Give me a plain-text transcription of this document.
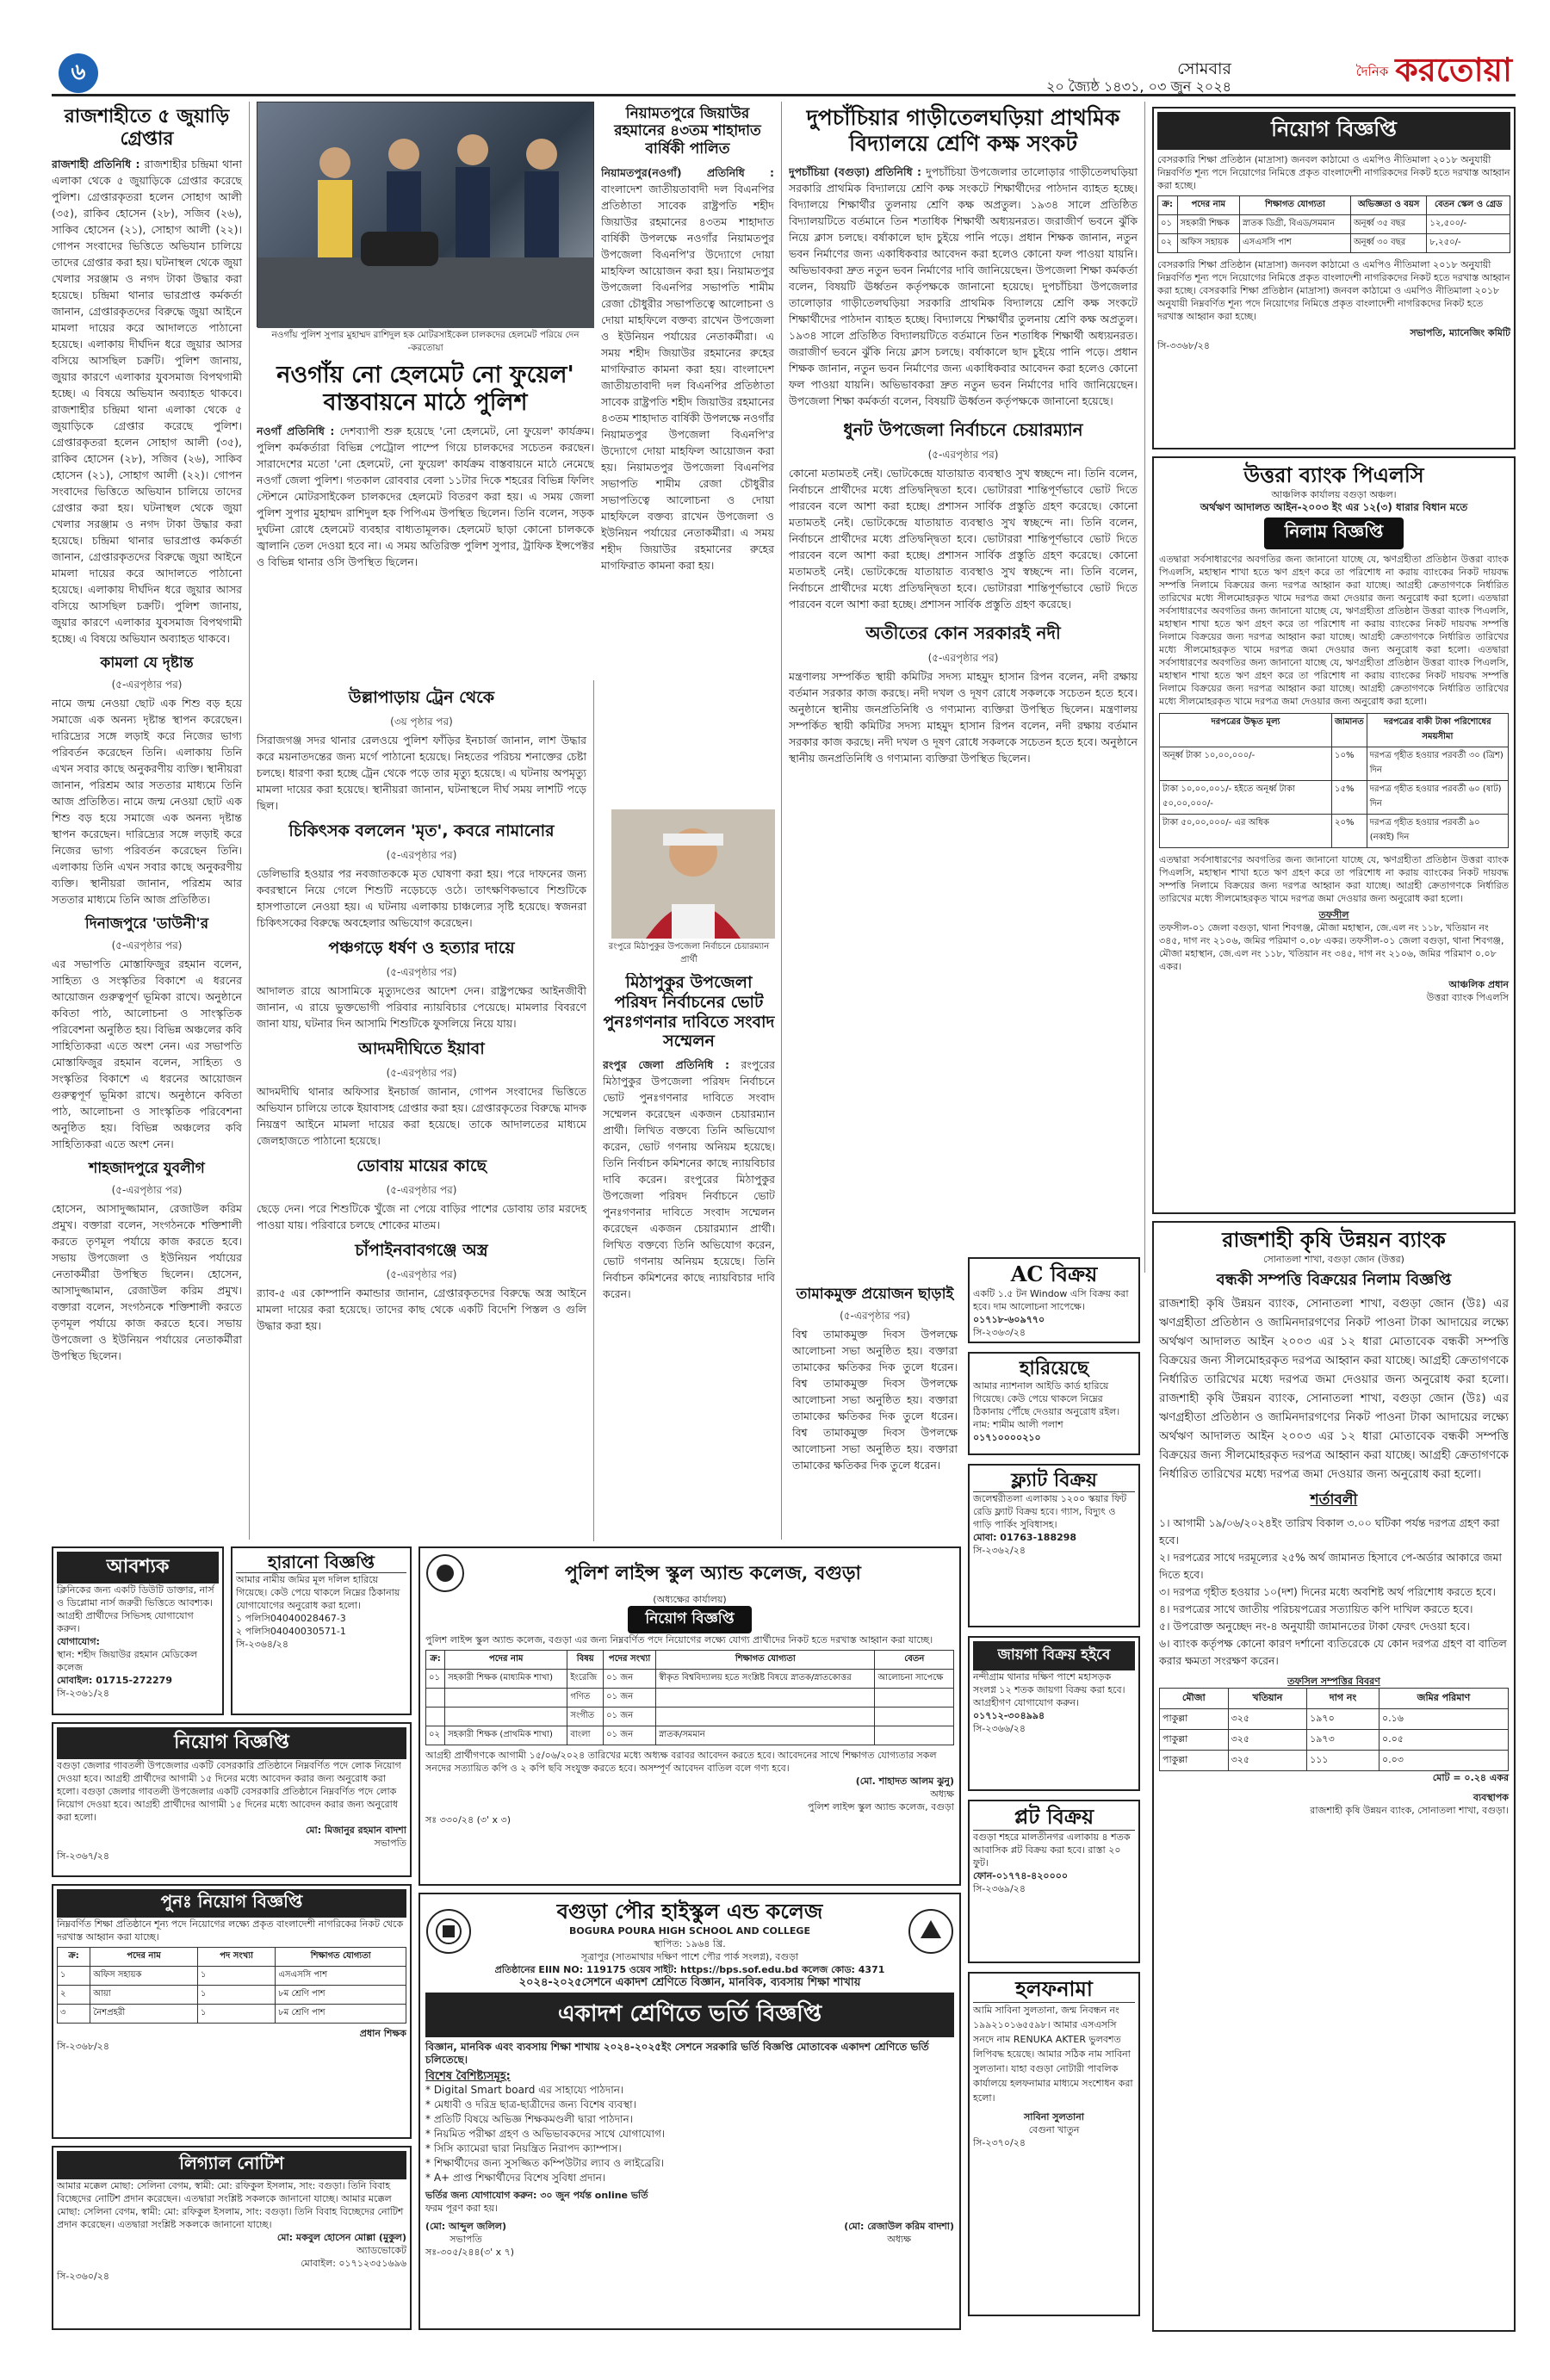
৬	সোমবার
২০ জ্যৈষ্ঠ ১৪৩১, ০৩ জুন ২০২৪
দৈনিক করতোয়া
রাজশাহীতে ৫ জুয়াড়ি গ্রেপ্তার
রাজশাহী প্রতিনিধি : রাজশাহীর চন্দ্রিমা থানা এলাকা থেকে ৫ জুয়াড়িকে গ্রেপ্তার করেছে পুলিশ। গ্রেপ্তারকৃতরা হলেন সোহাগ আলী (৩৫), রাকিব হোসেন (২৮), সজিব (২৬), সাকিব হোসেন (২১), সোহাগ আলী (২২)। গোপন সংবাদের ভিত্তিতে অভিযান চালিয়ে তাদের গ্রেপ্তার করা হয়। ঘটনাস্থল থেকে জুয়া খেলার সরঞ্জাম ও নগদ টাকা উদ্ধার করা হয়েছে। চন্দ্রিমা থানার ভারপ্রাপ্ত কর্মকর্তা জানান, গ্রেপ্তারকৃতদের বিরুদ্ধে জুয়া আইনে মামলা দায়ের করে আদালতে পাঠানো হয়েছে। এলাকায় দীর্ঘদিন ধরে জুয়ার আসর বসিয়ে আসছিল চক্রটি। পুলিশ জানায়, জুয়ার কারণে এলাকার যুবসমাজ বিপথগামী হচ্ছে। এ বিষয়ে অভিযান অব্যাহত থাকবে। রাজশাহীর চন্দ্রিমা থানা এলাকা থেকে ৫ জুয়াড়িকে গ্রেপ্তার করেছে পুলিশ। গ্রেপ্তারকৃতরা হলেন সোহাগ আলী (৩৫), রাকিব হোসেন (২৮), সজিব (২৬), সাকিব হোসেন (২১), সোহাগ আলী (২২)। গোপন সংবাদের ভিত্তিতে অভিযান চালিয়ে তাদের গ্রেপ্তার করা হয়। ঘটনাস্থল থেকে জুয়া খেলার সরঞ্জাম ও নগদ টাকা উদ্ধার করা হয়েছে। চন্দ্রিমা থানার ভারপ্রাপ্ত কর্মকর্তা জানান, গ্রেপ্তারকৃতদের বিরুদ্ধে জুয়া আইনে মামলা দায়ের করে আদালতে পাঠানো হয়েছে। এলাকায় দীর্ঘদিন ধরে জুয়ার আসর বসিয়ে আসছিল চক্রটি। পুলিশ জানায়, জুয়ার কারণে এলাকার যুবসমাজ বিপথগামী হচ্ছে। এ বিষয়ে অভিযান অব্যাহত থাকবে।
কামলা যে দৃষ্টান্ত
(৫-এরপৃষ্ঠার পর)
নামে জন্ম নেওয়া ছোট এক শিশু বড় হয়ে সমাজে এক অনন্য দৃষ্টান্ত স্থাপন করেছেন। দারিদ্র্যের সঙ্গে লড়াই করে নিজের ভাগ্য পরিবর্তন করেছেন তিনি। এলাকায় তিনি এখন সবার কাছে অনুকরণীয় ব্যক্তি। স্থানীয়রা জানান, পরিশ্রম আর সততার মাধ্যমে তিনি আজ প্রতিষ্ঠিত। নামে জন্ম নেওয়া ছোট এক শিশু বড় হয়ে সমাজে এক অনন্য দৃষ্টান্ত স্থাপন করেছেন। দারিদ্র্যের সঙ্গে লড়াই করে নিজের ভাগ্য পরিবর্তন করেছেন তিনি। এলাকায় তিনি এখন সবার কাছে অনুকরণীয় ব্যক্তি। স্থানীয়রা জানান, পরিশ্রম আর সততার মাধ্যমে তিনি আজ প্রতিষ্ঠিত।
দিনাজপুরে 'ডাউনী'র
(৫-এরপৃষ্ঠার পর)
এর সভাপতি মোস্তাফিজুর রহমান বলেন, সাহিত্য ও সংস্কৃতির বিকাশে এ ধরনের আয়োজন গুরুত্বপূর্ণ ভূমিকা রাখে। অনুষ্ঠানে কবিতা পাঠ, আলোচনা ও সাংস্কৃতিক পরিবেশনা অনুষ্ঠিত হয়। বিভিন্ন অঞ্চলের কবি সাহিত্যিকরা এতে অংশ নেন। এর সভাপতি মোস্তাফিজুর রহমান বলেন, সাহিত্য ও সংস্কৃতির বিকাশে এ ধরনের আয়োজন গুরুত্বপূর্ণ ভূমিকা রাখে। অনুষ্ঠানে কবিতা পাঠ, আলোচনা ও সাংস্কৃতিক পরিবেশনা অনুষ্ঠিত হয়। বিভিন্ন অঞ্চলের কবি সাহিত্যিকরা এতে অংশ নেন।
শাহজাদপুরে যুবলীগ
(৫-এরপৃষ্ঠার পর)
হোসেন, আসাদুজ্জামান, রেজাউল করিম প্রমুখ। বক্তারা বলেন, সংগঠনকে শক্তিশালী করতে তৃণমূল পর্যায়ে কাজ করতে হবে। সভায় উপজেলা ও ইউনিয়ন পর্যায়ের নেতাকর্মীরা উপস্থিত ছিলেন। হোসেন, আসাদুজ্জামান, রেজাউল করিম প্রমুখ। বক্তারা বলেন, সংগঠনকে শক্তিশালী করতে তৃণমূল পর্যায়ে কাজ করতে হবে। সভায় উপজেলা ও ইউনিয়ন পর্যায়ের নেতাকর্মীরা উপস্থিত ছিলেন।
নওগাঁয় পুলিশ সুপার মুহাম্মদ রাশিদুল হক মোটরসাইকেল চালকদের হেলমেট পরিয়ে দেন -করতোয়া
নওগাঁয় নো হেলমেট নো ফুয়েল' বাস্তবায়নে মাঠে পুলিশ
নওগাঁ প্রতিনিধি : দেশব্যাপী শুরু হয়েছে 'নো হেলমেট, নো ফুয়েল' কার্যক্রম। পুলিশ কর্মকর্তারা বিভিন্ন পেট্রোল পাম্পে গিয়ে চালকদের সচেতন করছেন। সারাদেশের মতো 'নো হেলমেট, নো ফুয়েল' কার্যক্রম বাস্তবায়নে মাঠে নেমেছে নওগাঁ জেলা পুলিশ। গতকাল রোববার বেলা ১১টার দিকে শহরের বিভিন্ন ফিলিং স্টেশনে মোটরসাইকেল চালকদের হেলমেট বিতরণ করা হয়। এ সময় জেলা পুলিশ সুপার মুহাম্মদ রাশিদুল হক পিপিএম উপস্থিত ছিলেন। তিনি বলেন, সড়ক দুর্ঘটনা রোধে হেলমেট ব্যবহার বাধ্যতামূলক। হেলমেট ছাড়া কোনো চালককে জ্বালানি তেল দেওয়া হবে না। এ সময় অতিরিক্ত পুলিশ সুপার, ট্রাফিক ইন্সপেক্টর ও বিভিন্ন থানার ওসি উপস্থিত ছিলেন।
উল্লাপাড়ায় ট্রেন থেকে
(৩য় পৃষ্ঠার পর)
সিরাজগঞ্জ সদর থানার রেলওয়ে পুলিশ ফাঁড়ির ইনচার্জ জানান, লাশ উদ্ধার করে ময়নাতদন্তের জন্য মর্গে পাঠানো হয়েছে। নিহতের পরিচয় শনাক্তের চেষ্টা চলছে। ধারণা করা হচ্ছে ট্রেন থেকে পড়ে তার মৃত্যু হয়েছে। এ ঘটনায় অপমৃত্যু মামলা দায়ের করা হয়েছে। স্থানীয়রা জানান, ঘটনাস্থলে দীর্ঘ সময় লাশটি পড়ে ছিল।
চিকিৎসক বললেন 'মৃত', কবরে নামানোর
(৫-এরপৃষ্ঠার পর)
ডেলিভারি হওয়ার পর নবজাতককে মৃত ঘোষণা করা হয়। পরে দাফনের জন্য কবরস্থানে নিয়ে গেলে শিশুটি নড়েচড়ে ওঠে। তাৎক্ষণিকভাবে শিশুটিকে হাসপাতালে নেওয়া হয়। এ ঘটনায় এলাকায় চাঞ্চল্যের সৃষ্টি হয়েছে। স্বজনরা চিকিৎসকের বিরুদ্ধে অবহেলার অভিযোগ করেছেন।
পঞ্চগড়ে ধর্ষণ ও হত্যার দায়ে
(৫-এরপৃষ্ঠার পর)
আদালত রায়ে আসামিকে মৃত্যুদণ্ডের আদেশ দেন। রাষ্ট্রপক্ষের আইনজীবী জানান, এ রায়ে ভুক্তভোগী পরিবার ন্যায়বিচার পেয়েছে। মামলার বিবরণে জানা যায়, ঘটনার দিন আসামি শিশুটিকে ফুসলিয়ে নিয়ে যায়।
আদমদীঘিতে ইয়াবা
(৫-এরপৃষ্ঠার পর)
আদমদীঘি থানার অফিসার ইনচার্জ জানান, গোপন সংবাদের ভিত্তিতে অভিযান চালিয়ে তাকে ইয়াবাসহ গ্রেপ্তার করা হয়। গ্রেপ্তারকৃতের বিরুদ্ধে মাদক নিয়ন্ত্রণ আইনে মামলা দায়ের করা হয়েছে। তাকে আদালতের মাধ্যমে জেলহাজতে পাঠানো হয়েছে।
ডোবায় মায়ের কাছে
(৫-এরপৃষ্ঠার পর)
ছেড়ে দেন। পরে শিশুটিকে খুঁজে না পেয়ে বাড়ির পাশের ডোবায় তার মরদেহ পাওয়া যায়। পরিবারে চলছে শোকের মাতম।
চাঁপাইনবাবগঞ্জে অস্ত্র
(৫-এরপৃষ্ঠার পর)
র‍্যাব-৫ এর কোম্পানি কমান্ডার জানান, গ্রেপ্তারকৃতদের বিরুদ্ধে অস্ত্র আইনে মামলা দায়ের করা হয়েছে। তাদের কাছ থেকে একটি বিদেশি পিস্তল ও গুলি উদ্ধার করা হয়।
নিয়ামতপুরে জিয়াউর রহমানের ৪৩তম শাহাদাত বার্ষিকী পালিত
নিয়ামতপুর(নওগাঁ) প্রতিনিধি : বাংলাদেশ জাতীয়তাবাদী দল বিএনপির প্রতিষ্ঠাতা সাবেক রাষ্ট্রপতি শহীদ জিয়াউর রহমানের ৪৩তম শাহাদাত বার্ষিকী উপলক্ষে নওগাঁর নিয়ামতপুর উপজেলা বিএনপি'র উদ্যোগে দোয়া মাহফিল আয়োজন করা হয়। নিয়ামতপুর উপজেলা বিএনপির সভাপতি শামীম রেজা চৌধুরীর সভাপতিত্বে আলোচনা ও দোয়া মাহফিলে বক্তব্য রাখেন উপজেলা ও ইউনিয়ন পর্যায়ের নেতাকর্মীরা। এ সময় শহীদ জিয়াউর রহমানের রুহের মাগফিরাত কামনা করা হয়। বাংলাদেশ জাতীয়তাবাদী দল বিএনপির প্রতিষ্ঠাতা সাবেক রাষ্ট্রপতি শহীদ জিয়াউর রহমানের ৪৩তম শাহাদাত বার্ষিকী উপলক্ষে নওগাঁর নিয়ামতপুর উপজেলা বিএনপি'র উদ্যোগে দোয়া মাহফিল আয়োজন করা হয়। নিয়ামতপুর উপজেলা বিএনপির সভাপতি শামীম রেজা চৌধুরীর সভাপতিত্বে আলোচনা ও দোয়া মাহফিলে বক্তব্য রাখেন উপজেলা ও ইউনিয়ন পর্যায়ের নেতাকর্মীরা। এ সময় শহীদ জিয়াউর রহমানের রুহের মাগফিরাত কামনা করা হয়।
রংপুরে মিঠাপুকুর উপজেলা নির্বাচনে চেয়ারম্যান প্রার্থী
মিঠাপুকুর উপজেলা পরিষদ নির্বাচনের ভোট পুনঃগণনার দাবিতে সংবাদ সম্মেলন
রংপুর জেলা প্রতিনিধি : রংপুরের মিঠাপুকুর উপজেলা পরিষদ নির্বাচনে ভোট পুনঃগণনার দাবিতে সংবাদ সম্মেলন করেছেন একজন চেয়ারম্যান প্রার্থী। লিখিত বক্তব্যে তিনি অভিযোগ করেন, ভোট গণনায় অনিয়ম হয়েছে। তিনি নির্বাচন কমিশনের কাছে ন্যায়বিচার দাবি করেন। রংপুরের মিঠাপুকুর উপজেলা পরিষদ নির্বাচনে ভোট পুনঃগণনার দাবিতে সংবাদ সম্মেলন করেছেন একজন চেয়ারম্যান প্রার্থী। লিখিত বক্তব্যে তিনি অভিযোগ করেন, ভোট গণনায় অনিয়ম হয়েছে। তিনি নির্বাচন কমিশনের কাছে ন্যায়বিচার দাবি করেন।
দুপচাঁচিয়ার গাড়ীতেলঘড়িয়া প্রাথমিক বিদ্যালয়ে শ্রেণি কক্ষ সংকট
দুপচাঁচিয়া (বগুড়া) প্রতিনিধি : দুপচাঁচিয়া উপজেলার তালোড়ার গাড়ীতেলঘড়িয়া সরকারি প্রাথমিক বিদ্যালয়ে শ্রেণি কক্ষ সংকটে শিক্ষার্থীদের পাঠদান ব্যাহত হচ্ছে। বিদ্যালয়ে শিক্ষার্থীর তুলনায় শ্রেণি কক্ষ অপ্রতুল। ১৯৩৪ সালে প্রতিষ্ঠিত বিদ্যালয়টিতে বর্তমানে তিন শতাধিক শিক্ষার্থী অধ্যয়নরত। জরাজীর্ণ ভবনে ঝুঁকি নিয়ে ক্লাস চলছে। বর্ষাকালে ছাদ চুইয়ে পানি পড়ে। প্রধান শিক্ষক জানান, নতুন ভবন নির্মাণের জন্য একাধিকবার আবেদন করা হলেও কোনো ফল পাওয়া যায়নি। অভিভাবকরা দ্রুত নতুন ভবন নির্মাণের দাবি জানিয়েছেন। উপজেলা শিক্ষা কর্মকর্তা বলেন, বিষয়টি ঊর্ধ্বতন কর্তৃপক্ষকে জানানো হয়েছে। দুপচাঁচিয়া উপজেলার তালোড়ার গাড়ীতেলঘড়িয়া সরকারি প্রাথমিক বিদ্যালয়ে শ্রেণি কক্ষ সংকটে শিক্ষার্থীদের পাঠদান ব্যাহত হচ্ছে। বিদ্যালয়ে শিক্ষার্থীর তুলনায় শ্রেণি কক্ষ অপ্রতুল। ১৯৩৪ সালে প্রতিষ্ঠিত বিদ্যালয়টিতে বর্তমানে তিন শতাধিক শিক্ষার্থী অধ্যয়নরত। জরাজীর্ণ ভবনে ঝুঁকি নিয়ে ক্লাস চলছে। বর্ষাকালে ছাদ চুইয়ে পানি পড়ে। প্রধান শিক্ষক জানান, নতুন ভবন নির্মাণের জন্য একাধিকবার আবেদন করা হলেও কোনো ফল পাওয়া যায়নি। অভিভাবকরা দ্রুত নতুন ভবন নির্মাণের দাবি জানিয়েছেন। উপজেলা শিক্ষা কর্মকর্তা বলেন, বিষয়টি ঊর্ধ্বতন কর্তৃপক্ষকে জানানো হয়েছে।
ধুনট উপজেলা নির্বাচনে চেয়ারম্যান
(৫-এরপৃষ্ঠার পর)
কোনো মতামতই নেই। ভোটকেন্দ্রে যাতায়াত ব্যবস্থাও সুখ স্বচ্ছন্দে না। তিনি বলেন, নির্বাচনে প্রার্থীদের মধ্যে প্রতিদ্বন্দ্বিতা হবে। ভোটাররা শান্তিপূর্ণভাবে ভোট দিতে পারবেন বলে আশা করা হচ্ছে। প্রশাসন সার্বিক প্রস্তুতি গ্রহণ করেছে। কোনো মতামতই নেই। ভোটকেন্দ্রে যাতায়াত ব্যবস্থাও সুখ স্বচ্ছন্দে না। তিনি বলেন, নির্বাচনে প্রার্থীদের মধ্যে প্রতিদ্বন্দ্বিতা হবে। ভোটাররা শান্তিপূর্ণভাবে ভোট দিতে পারবেন বলে আশা করা হচ্ছে। প্রশাসন সার্বিক প্রস্তুতি গ্রহণ করেছে। কোনো মতামতই নেই। ভোটকেন্দ্রে যাতায়াত ব্যবস্থাও সুখ স্বচ্ছন্দে না। তিনি বলেন, নির্বাচনে প্রার্থীদের মধ্যে প্রতিদ্বন্দ্বিতা হবে। ভোটাররা শান্তিপূর্ণভাবে ভোট দিতে পারবেন বলে আশা করা হচ্ছে। প্রশাসন সার্বিক প্রস্তুতি গ্রহণ করেছে।
অতীতের কোন সরকারই নদী
(৫-এরপৃষ্ঠার পর)
মন্ত্রণালয় সম্পর্কিত স্থায়ী কমিটির সদস্য মাহমুদ হাসান রিপন বলেন, নদী রক্ষায় বর্তমান সরকার কাজ করছে। নদী দখল ও দূষণ রোধে সকলকে সচেতন হতে হবে। অনুষ্ঠানে স্থানীয় জনপ্রতিনিধি ও গণ্যমান্য ব্যক্তিরা উপস্থিত ছিলেন। মন্ত্রণালয় সম্পর্কিত স্থায়ী কমিটির সদস্য মাহমুদ হাসান রিপন বলেন, নদী রক্ষায় বর্তমান সরকার কাজ করছে। নদী দখল ও দূষণ রোধে সকলকে সচেতন হতে হবে। অনুষ্ঠানে স্থানীয় জনপ্রতিনিধি ও গণ্যমান্য ব্যক্তিরা উপস্থিত ছিলেন।
তামাকমুক্ত প্রয়োজন ছাড়াই
(৫-এরপৃষ্ঠার পর)
বিশ্ব তামাকমুক্ত দিবস উপলক্ষে আলোচনা সভা অনুষ্ঠিত হয়। বক্তারা তামাকের ক্ষতিকর দিক তুলে ধরেন। বিশ্ব তামাকমুক্ত দিবস উপলক্ষে আলোচনা সভা অনুষ্ঠিত হয়। বক্তারা তামাকের ক্ষতিকর দিক তুলে ধরেন। বিশ্ব তামাকমুক্ত দিবস উপলক্ষে আলোচনা সভা অনুষ্ঠিত হয়। বক্তারা তামাকের ক্ষতিকর দিক তুলে ধরেন।
AC বিক্রয়
একটি ১.৫ টন Window এসি বিক্রয় করা হবে। দাম আলোচনা সাপেক্ষে।
০১৭১৮-৬০৯৭৭০
সি-২৩৬৩/২৪
হারিয়েছে
আমার ন্যাশনাল আইডি কার্ড হারিয়ে গিয়েছে। কেউ পেয়ে থাকলে নিম্নের ঠিকানায় পৌঁছে দেওয়ার অনুরোধ রইল।
নাম: শামীম আলী পলাশ
০১৭১০০০০২১০
ফ্ল্যাট বিক্রয়
জলেশ্বরীতলা এলাকায় ১২০০ স্কয়ার ফিট রেডি ফ্ল্যাট বিক্রয় হবে। গ্যাস, বিদ্যুৎ ও গাড়ি পার্কিং সুবিধাসহ।
মোবা: 01763-188298
সি-২৩৬২/২৪
জায়গা বিক্রয় হইবে
নন্দীগ্রাম থানার দক্ষিণ পাশে মহাসড়ক সংলগ্ন ১২ শতক জায়গা বিক্রয় করা হবে। আগ্রহীগণ যোগাযোগ করুন।
০১৭১২-৩০৪৯৯৪
সি-২৩৬৬/২৪
প্লট বিক্রয়
বগুড়া শহরে মালতীনগর এলাকায় ৪ শতক আবাসিক প্লট বিক্রয় করা হবে। রাস্তা ২০ ফুট।
ফোন-০১৭৭৪-৪২০০০০
সি-২৩৬৯/২৪
হলফনামা
আমি সাবিনা সুলতানা, জন্ম নিবন্ধন নং ১৯৯২১০১৬৫৫৯৮। আমার এসএসসি সনদে নাম RENUKA AKTER ভুলবশত লিপিবদ্ধ হয়েছে। আমার সঠিক নাম সাবিনা সুলতানা। যাহা বগুড়া নোটারী পাবলিক কার্যালয়ে হলফনামার মাধ্যমে সংশোধন করা হলো।
সাবিনা সুলতানা
বেগুনা খাতুন
সি-২৩৭০/২৪
নিয়োগ বিজ্ঞপ্তি
বেসরকারি শিক্ষা প্রতিষ্ঠান (মাদ্রাসা) জনবল কাঠামো ও এমপিও নীতিমালা ২০১৮ অনুযায়ী নিম্নবর্ণিত শূন্য পদে নিয়োগের নিমিত্তে প্রকৃত বাংলাদেশী নাগরিকদের নিকট হতে দরখাস্ত আহ্বান করা হচ্ছে।
ক্র:	পদের নাম	শিক্ষাগত যোগ্যতা	অভিজ্ঞতা ও বয়স	বেতন স্কেল ও গ্রেড
০১	সহকারী শিক্ষক	স্নাতক ডিগ্রী, বিএড/সমমান	অনূর্ধ্ব ৩৫ বছর	১২,৫০০/-
০২	অফিস সহায়ক	এসএসসি পাশ	অনূর্ধ্ব ৩০ বছর	৮,২৫০/-
বেসরকারি শিক্ষা প্রতিষ্ঠান (মাদ্রাসা) জনবল কাঠামো ও এমপিও নীতিমালা ২০১৮ অনুযায়ী নিম্নবর্ণিত শূন্য পদে নিয়োগের নিমিত্তে প্রকৃত বাংলাদেশী নাগরিকদের নিকট হতে দরখাস্ত আহ্বান করা হচ্ছে। বেসরকারি শিক্ষা প্রতিষ্ঠান (মাদ্রাসা) জনবল কাঠামো ও এমপিও নীতিমালা ২০১৮ অনুযায়ী নিম্নবর্ণিত শূন্য পদে নিয়োগের নিমিত্তে প্রকৃত বাংলাদেশী নাগরিকদের নিকট হতে দরখাস্ত আহ্বান করা হচ্ছে।
সভাপতি, ম্যানেজিং কমিটি
সি-৩৩৬৮/২৪
উত্তরা ব্যাংক পিএলসি
আঞ্চলিক কার্যালয় বগুড়া অঞ্চল।
অর্থঋণ আদালত আইন-২০০৩ ইং এর ১২(৩) ধারার বিধান মতে
নিলাম বিজ্ঞপ্তি
এতদ্বারা সর্বসাধারণের অবগতির জন্য জানানো যাচ্ছে যে, ঋণগ্রহীতা প্রতিষ্ঠান উত্তরা ব্যাংক পিএলসি, মহাস্থান শাখা হতে ঋণ গ্রহণ করে তা পরিশোধ না করায় ব্যাংকের নিকট দায়বদ্ধ সম্পত্তি নিলামে বিক্রয়ের জন্য দরপত্র আহ্বান করা যাচ্ছে। আগ্রহী ক্রেতাগণকে নির্ধারিত তারিখের মধ্যে সীলমোহরকৃত খামে দরপত্র জমা দেওয়ার জন্য অনুরোধ করা হলো। এতদ্বারা সর্বসাধারণের অবগতির জন্য জানানো যাচ্ছে যে, ঋণগ্রহীতা প্রতিষ্ঠান উত্তরা ব্যাংক পিএলসি, মহাস্থান শাখা হতে ঋণ গ্রহণ করে তা পরিশোধ না করায় ব্যাংকের নিকট দায়বদ্ধ সম্পত্তি নিলামে বিক্রয়ের জন্য দরপত্র আহ্বান করা যাচ্ছে। আগ্রহী ক্রেতাগণকে নির্ধারিত তারিখের মধ্যে সীলমোহরকৃত খামে দরপত্র জমা দেওয়ার জন্য অনুরোধ করা হলো। এতদ্বারা সর্বসাধারণের অবগতির জন্য জানানো যাচ্ছে যে, ঋণগ্রহীতা প্রতিষ্ঠান উত্তরা ব্যাংক পিএলসি, মহাস্থান শাখা হতে ঋণ গ্রহণ করে তা পরিশোধ না করায় ব্যাংকের নিকট দায়বদ্ধ সম্পত্তি নিলামে বিক্রয়ের জন্য দরপত্র আহ্বান করা যাচ্ছে। আগ্রহী ক্রেতাগণকে নির্ধারিত তারিখের মধ্যে সীলমোহরকৃত খামে দরপত্র জমা দেওয়ার জন্য অনুরোধ করা হলো।
দরপত্রের উদ্ধৃত মূল্য	জামানত	দরপত্রের বাকী টাকা পরিশোধের সময়সীমা
অনূর্ধ্ব টাকা ১০,০০,০০০/-	১০%	দরপত্র গৃহীত হওয়ার পরবর্তী ৩০ (ত্রিশ) দিন
টাকা ১০,০০,০০১/- হইতে অনূর্ধ্ব টাকা ৫০,০০,০০০/-	১৫%	দরপত্র গৃহীত হওয়ার পরবর্তী ৬০ (ষাট) দিন
টাকা ৫০,০০,০০০/- এর অধিক	২০%	দরপত্র গৃহীত হওয়ার পরবর্তী ৯০ (নব্বই) দিন
এতদ্বারা সর্বসাধারণের অবগতির জন্য জানানো যাচ্ছে যে, ঋণগ্রহীতা প্রতিষ্ঠান উত্তরা ব্যাংক পিএলসি, মহাস্থান শাখা হতে ঋণ গ্রহণ করে তা পরিশোধ না করায় ব্যাংকের নিকট দায়বদ্ধ সম্পত্তি নিলামে বিক্রয়ের জন্য দরপত্র আহ্বান করা যাচ্ছে। আগ্রহী ক্রেতাগণকে নির্ধারিত তারিখের মধ্যে সীলমোহরকৃত খামে দরপত্র জমা দেওয়ার জন্য অনুরোধ করা হলো।
তফসীল
তফসীল-০১ জেলা বগুড়া, থানা শিবগঞ্জ, মৌজা মহাস্থান, জে.এল নং ১১৮, খতিয়ান নং ৩৪৫, দাগ নং ২১০৬, জমির পরিমাণ ০.০৮ একর। তফসীল-০১ জেলা বগুড়া, থানা শিবগঞ্জ, মৌজা মহাস্থান, জে.এল নং ১১৮, খতিয়ান নং ৩৪৫, দাগ নং ২১০৬, জমির পরিমাণ ০.০৮ একর।
আঞ্চলিক প্রধান
উত্তরা ব্যাংক পিএলসি
রাজশাহী কৃষি উন্নয়ন ব্যাংক
সোনাতলা শাখা, বগুড়া জোন (উত্তর)
বন্ধকী সম্পত্তি বিক্রয়ের নিলাম বিজ্ঞপ্তি
রাজশাহী কৃষি উন্নয়ন ব্যাংক, সোনাতলা শাখা, বগুড়া জোন (উঃ) এর ঋণগ্রহীতা প্রতিষ্ঠান ও জামিনদারগণের নিকট পাওনা টাকা আদায়ের লক্ষ্যে অর্থঋণ আদালত আইন ২০০৩ এর ১২ ধারা মোতাবেক বন্ধকী সম্পত্তি বিক্রয়ের জন্য সীলমোহরকৃত দরপত্র আহ্বান করা যাচ্ছে। আগ্রহী ক্রেতাগণকে নির্ধারিত তারিখের মধ্যে দরপত্র জমা দেওয়ার জন্য অনুরোধ করা হলো। রাজশাহী কৃষি উন্নয়ন ব্যাংক, সোনাতলা শাখা, বগুড়া জোন (উঃ) এর ঋণগ্রহীতা প্রতিষ্ঠান ও জামিনদারগণের নিকট পাওনা টাকা আদায়ের লক্ষ্যে অর্থঋণ আদালত আইন ২০০৩ এর ১২ ধারা মোতাবেক বন্ধকী সম্পত্তি বিক্রয়ের জন্য সীলমোহরকৃত দরপত্র আহ্বান করা যাচ্ছে। আগ্রহী ক্রেতাগণকে নির্ধারিত তারিখের মধ্যে দরপত্র জমা দেওয়ার জন্য অনুরোধ করা হলো।
শর্তাবলী
১। আগামী ১৯/০৬/২০২৪ইং তারিখ বিকাল ৩.০০ ঘটিকা পর্যন্ত দরপত্র গ্রহণ করা হবে।
২। দরপত্রের সাথে দরমূল্যের ২৫% অর্থ জামানত হিসাবে পে-অর্ডার আকারে জমা দিতে হবে।
৩। দরপত্র গৃহীত হওয়ার ১০(দশ) দিনের মধ্যে অবশিষ্ট অর্থ পরিশোধ করতে হবে।
৪। দরপত্রের সাথে জাতীয় পরিচয়পত্রের সত্যায়িত কপি দাখিল করতে হবে।
৫। উপরোক্ত অনুচ্ছেদ নং-৪ অনুযায়ী জামানতের টাকা ফেরৎ দেওয়া হবে।
৬। ব্যাংক কর্তৃপক্ষ কোনো কারণ দর্শানো ব্যতিরেকে যে কোন দরপত্র গ্রহণ বা বাতিল করার ক্ষমতা সংরক্ষণ করেন।
তফসিল সম্পত্তির বিবরণ
মৌজা	খতিয়ান	দাগ নং	জমির পরিমাণ
পাকুল্লা	৩২৫	১৯৭০	০.১৬
পাকুল্লা	৩২৫	১৯৭৩	০.০৫
পাকুল্লা	৩২৫	১১১	০.০৩
মোট = ০.২৪ একর
ব্যবস্থাপক
রাজশাহী কৃষি উন্নয়ন ব্যাংক, সোনাতলা শাখা, বগুড়া।
আবশ্যক
ক্লিনিকের জন্য একটি ডিউটি ডাক্তার, নার্স ও ডিপ্লোমা নার্স জরুরী ভিত্তিতে আবশ্যক। আগ্রহী প্রার্থীদের সিভিসহ যোগাযোগ করুন।
যোগাযোগ:
স্থান: শহীদ জিয়াউর রহমান মেডিকেল কলেজ
মোবাইল: 01715-272279
সি-২৩৬১/২৪
হারানো বিজ্ঞপ্তি
আমার নামীয় জমির মূল দলিল হারিয়ে গিয়েছে। কেউ পেয়ে থাকলে নিম্নের ঠিকানায় যোগাযোগের অনুরোধ করা হলো।
১ পলিসি04040028467-3
২ পলিসি04040030571-1
সি-২৩৬৪/২৪
নিয়োগ বিজ্ঞপ্তি
বগুড়া জেলার গাবতলী উপজেলার একটি বেসরকারি প্রতিষ্ঠানে নিম্নবর্ণিত পদে লোক নিয়োগ দেওয়া হবে। আগ্রহী প্রার্থীদের আগামী ১৫ দিনের মধ্যে আবেদন করার জন্য অনুরোধ করা হলো। বগুড়া জেলার গাবতলী উপজেলার একটি বেসরকারি প্রতিষ্ঠানে নিম্নবর্ণিত পদে লোক নিয়োগ দেওয়া হবে। আগ্রহী প্রার্থীদের আগামী ১৫ দিনের মধ্যে আবেদন করার জন্য অনুরোধ করা হলো।
মো: মিজানুর রহমান বাদশা
সভাপতি
সি-২৩৬৭/২৪
পুনঃ নিয়োগ বিজ্ঞপ্তি
নিম্নবর্ণিত শিক্ষা প্রতিষ্ঠানে শূন্য পদে নিয়োগের লক্ষ্যে প্রকৃত বাংলাদেশী নাগরিকের নিকট থেকে দরখাস্ত আহ্বান করা যাচ্ছে।
ক্র:	পদের নাম	পদ সংখ্যা	শিক্ষাগত যোগ্যতা
১	অফিস সহায়ক	১	এসএসসি পাশ
২	আয়া	১	৮ম শ্রেণি পাশ
৩	নৈশপ্রহরী	১	৮ম শ্রেণি পাশ
প্রধান শিক্ষক
সি-২৩৬৮/২৪
লিগ্যাল নোটিশ
আমার মক্কেল মোছা: সেলিনা বেগম, স্বামী: মো: রফিকুল ইসলাম, সাং: বগুড়া। তিনি বিবাহ বিচ্ছেদের নোটিশ প্রদান করেছেন। এতদ্বারা সংশ্লিষ্ট সকলকে জানানো যাচ্ছে। আমার মক্কেল মোছা: সেলিনা বেগম, স্বামী: মো: রফিকুল ইসলাম, সাং: বগুড়া। তিনি বিবাহ বিচ্ছেদের নোটিশ প্রদান করেছেন। এতদ্বারা সংশ্লিষ্ট সকলকে জানানো যাচ্ছে।
মো: মকবুল হোসেন মোল্লা (মুকুল)
অ্যাডভোকেট
মোবাইল: ০১৭১২৩৫১৬৯৬
সি-২৩৬০/২৪
পুলিশ লাইন্স স্কুল অ্যান্ড কলেজ, বগুড়া
(অধ্যক্ষের কার্যালয়)
নিয়োগ বিজ্ঞপ্তি
পুলিশ লাইন্স স্কুল অ্যান্ড কলেজ, বগুড়া এর জন্য নিম্নবর্ণিত পদে নিয়োগের লক্ষ্যে যোগ্য প্রার্থীদের নিকট হতে দরখাস্ত আহ্বান করা যাচ্ছে।
ক্র:	পদের নাম	বিষয়	পদের সংখ্যা	শিক্ষাগত যোগ্যতা	বেতন
০১	সহকারী শিক্ষক (মাধ্যমিক শাখা)	ইংরেজি	০১ জন	স্বীকৃত বিশ্ববিদ্যালয় হতে সংশ্লিষ্ট বিষয়ে স্নাতক/স্নাতকোত্তর	আলোচনা সাপেক্ষে
		গণিত	০১ জন		
		সংগীত	০১ জন		
০২	সহকারী শিক্ষক (প্রাথমিক শাখা)	বাংলা	০১ জন	স্নাতক/সমমান	
আগ্রহী প্রার্থীগণকে আগামী ১৫/০৬/২০২৪ তারিখের মধ্যে অধ্যক্ষ বরাবর আবেদন করতে হবে। আবেদনের সাথে শিক্ষাগত যোগ্যতার সকল সনদের সত্যায়িত কপি ও ২ কপি ছবি সংযুক্ত করতে হবে। অসম্পূর্ণ আবেদন বাতিল বলে গণ্য হবে।
(মো. শাহাদত আলম ঝুনু)
অধ্যক্ষ
পুলিশ লাইন্স স্কুল অ্যান্ড কলেজ, বগুড়া
সঃ ৩৩০/২৪ (৩' x ৩)
বগুড়া পৌর হাইস্কুল এন্ড কলেজ
BOGURA POURA HIGH SCHOOL AND COLLEGE
স্থাপিত: ১৯৬৪ খ্রি.
সূত্রাপুর (সাতমাথার দক্ষিণ পাশে পৌর পার্ক সংলগ্ন), বগুড়া
প্রতিষ্ঠানের EIIN NO: 119175 ওয়েব সাইট: https://bps.sof.edu.bd কলেজ কোড: 4371
২০২৪-২০২৫সেশনে একাদশ শ্রেণিতে বিজ্ঞান, মানবিক, ব্যবসায় শিক্ষা শাখায়
একাদশ শ্রেণিতে ভর্তি বিজ্ঞপ্তি
বিজ্ঞান, মানবিক এবং ব্যবসায় শিক্ষা শাখায় ২০২৪-২০২৫ইং সেশনে সরকারি ভর্তি বিজ্ঞপ্তি মোতাবেক একাদশ শ্রেণিতে ভর্তি চলিতেছে।
বিশেষ বৈশিষ্ট্যসমূহ:
* Digital Smart board এর সাহায্যে পাঠদান।
* মেধাবী ও দরিদ্র ছাত্র-ছাত্রীদের জন্য বিশেষ ব্যবস্থা।
* প্রতিটি বিষয়ে অভিজ্ঞ শিক্ষকমণ্ডলী দ্বারা পাঠদান।
* নিয়মিত পরীক্ষা গ্রহণ ও অভিভাবকদের সাথে যোগাযোগ।
* সিসি ক্যামেরা দ্বারা নিয়ন্ত্রিত নিরাপদ ক্যাম্পাস।
* শিক্ষার্থীদের জন্য সুসজ্জিত কম্পিউটার ল্যাব ও লাইব্রেরি।
* A+ প্রাপ্ত শিক্ষার্থীদের বিশেষ সুবিধা প্রদান।
ভর্তির জন্য যোগাযোগ করুন: ৩০ জুন পর্যন্ত online ভর্তি
ফরম পূরণ করা হয়।
(মো: আব্দুল জলিল)
সভাপতি
(মো: রেজাউল করিম বাদশা)
অধ্যক্ষ
সঃ-৩০৫/২৪৪(৩' x ৭)
